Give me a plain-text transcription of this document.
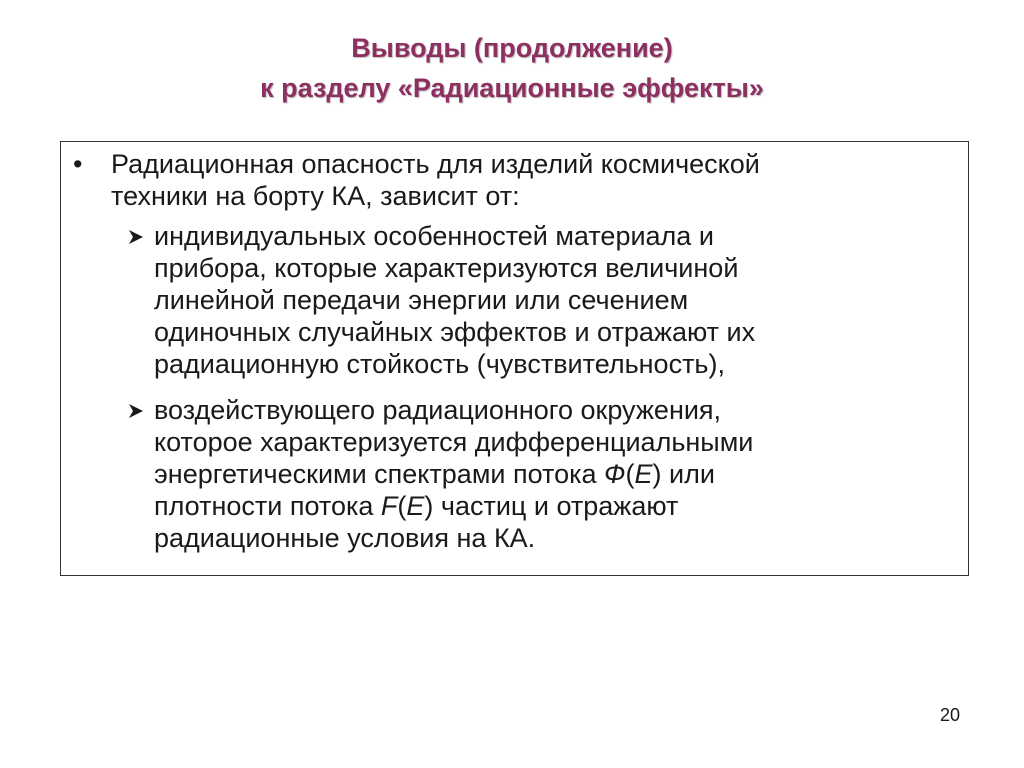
Выводы (продолжение)
к разделу «Радиационные эффекты»
•	Радиационная опасность для изделий космической
техники на борту КА, зависит от:
индивидуальных особенностей материала и
прибора, которые характеризуются величиной
линейной передачи энергии или сечением
одиночных случайных эффектов и отражают их
радиационную стойкость (чувствительность),
воздействующего радиационного окружения,
которое характеризуется дифференциальными
энергетическими спектрами потока Ф(E) или
плотности потока F(E) частиц и отражают
радиационные условия на КА.
20
